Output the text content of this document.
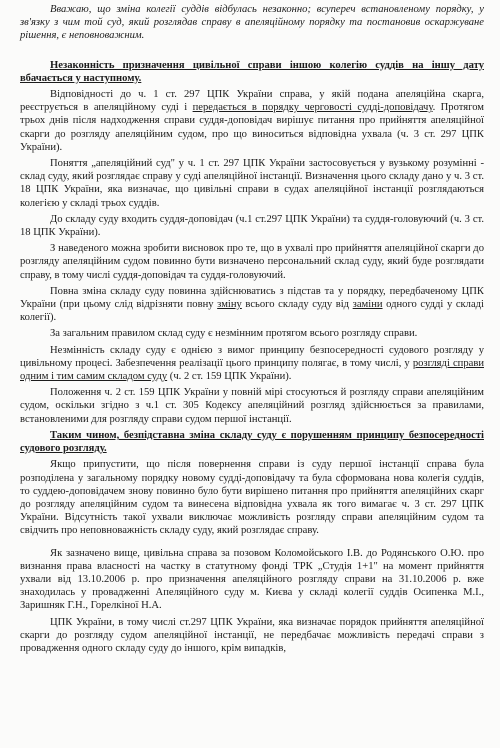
Вважаю, що зміна колегії суддів відбулась незаконно; всупереч встановленому порядку, у зв'язку з чим той суд, який розглядав справу в апеляційному порядку та постановив оскаржуване рішення, є неповноважним.

Незаконність призначення цивільної справи іншою колегію суддів на іншу дату вбачається у наступному.

Відповідності до ч. 1 ст. 297 ЦПК України справа, у якій подана апеляційна скарга, реєструється в апеляційному суді і передається в порядку черговості судді-доповідачу. Протягом трьох днів після надходження справи суддя-доповідач вирішує питання про прийняття апеляційної скарги до розгляду апеляційним судом, про що виноситься відповідна ухвала (ч. 3 ст. 297 ЦПК України).

Поняття „апеляційний суд" у ч. 1 ст. 297 ЦПК України застосовується у вузькому розумінні - склад суду, який розглядає справу у суді апеляційної інстанції. Визначення цього складу дано у ч. 3 ст. 18 ЦПК України, яка визначає, що цивільні справи в судах апеляційної інстанції розглядаються колегією у складі трьох суддів.

До складу суду входить суддя-доповідач (ч.1 ст.297 ЦПК України) та суддя-головуючий (ч. 3 ст. 18 ЦПК України).

З наведеного можна зробити висновок про те, що в ухвалі про прийняття апеляційної скарги до розгляду апеляційним судом повинно бути визначено персональний склад суду, який буде розглядати справу, в тому числі суддя-доповідач та суддя-головуючий.

Повна зміна складу суду повинна здійснюватись з підстав та у порядку, передбаченому ЦПК України (при цьому слід відрізняти повну зміну всього складу суду від заміни одного судді у складі колегії).

За загальним правилом склад суду є незмінним протягом всього розгляду справи.

Незмінність складу суду є однією з вимог принципу безпосередності судового розгляду у цивільному процесі. Забезпечення реалізації цього принципу полягає, в тому числі, у розгляді справи одним і тим самим складом суду (ч. 2 ст. 159 ЦПК України).

Положення ч. 2 ст. 159 ЦПК України у повній мірі стосуються й розгляду справи апеляційним судом, оскільки згідно з ч.1 ст. 305 Кодексу апеляційний розгляд здійснюється за правилами, встановленими для розгляду справи судом першої інстанції.

Таким чином, безпідставна зміна складу суду є порушенням принципу безпосередності судового розгляду.

Якщо припустити, що після повернення справи із суду першої інстанції справа була розподілена у загальному порядку новому судді-доповідачу та була сформована нова колегія суддів, то суддею-доповідачем знову повинно було бути вирішено питання про прийняття апеляційних скарг до розгляду апеляційним судом та винесена відповідна ухвала як того вимагає ч. 3 ст. 297 ЦПК України. Відсутність такої ухвали виключає можливість розгляду справи апеляційним судом та свідчить про неповноважність складу суду, який розглядає справу.

Як зазначено вище, цивільна справа за позовом Коломойського І.В. до Родянського О.Ю. про визнання права власності на частку в статутному фонді ТРК „Студія 1+1" на момент прийняття ухвали від 13.10.2006 р. про призначення апеляційного розгляду справи на 31.10.2006 р. вже знаходилась у провадженні Апеляційного суду м. Києва у складі колегії суддів Осипенка М.І., Заришняк Г.Н., Горелкіної Н.А.

ЦПК України, в тому числі ст.297 ЦПК України, яка визначає порядок прийняття апеляційної скарги до розгляду судом апеляційної інстанції, не передбачає можливість передачі справи з провадження одного складу суду до іншого, крім випадків,
